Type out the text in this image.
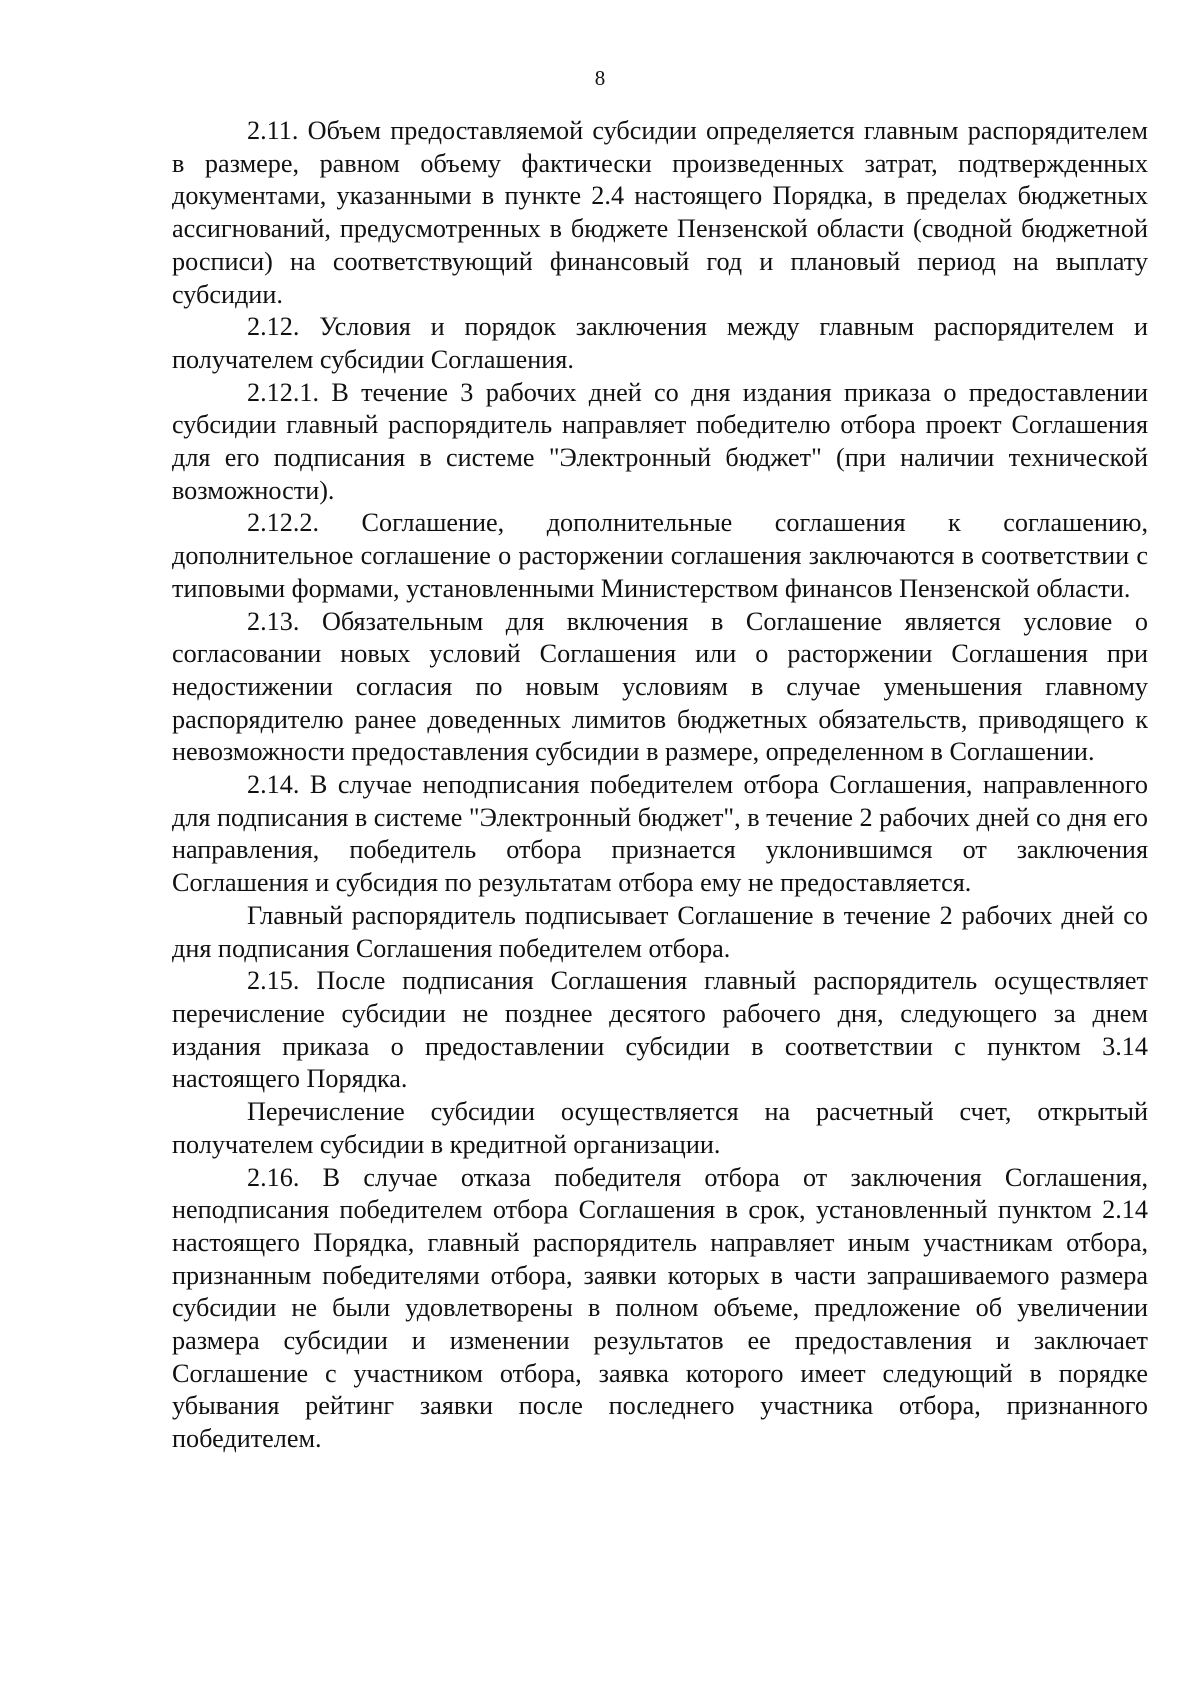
8

2.11. Объем предоставляемой субсидии определяется главным распорядителем в размере, равном объему фактически произведенных затрат, подтвержденных документами, указанными в пункте 2.4 настоящего Порядка, в пределах бюджетных ассигнований, предусмотренных в бюджете Пензенской области (сводной бюджетной росписи) на соответствующий финансовый год и плановый период на выплату субсидии.

2.12. Условия и порядок заключения между главным распорядителем и получателем субсидии Соглашения.

2.12.1. В течение 3 рабочих дней со дня издания приказа о предоставлении субсидии главный распорядитель направляет победителю отбора проект Соглашения для его подписания в системе "Электронный бюджет" (при наличии технической возможности).

2.12.2. Соглашение, дополнительные соглашения к соглашению, дополнительное соглашение о расторжении соглашения заключаются в соответствии с типовыми формами, установленными Министерством финансов Пензенской области.

2.13. Обязательным для включения в Соглашение является условие о согласовании новых условий Соглашения или о расторжении Соглашения при недостижении согласия по новым условиям в случае уменьшения главному распорядителю ранее доведенных лимитов бюджетных обязательств, приводящего к невозможности предоставления субсидии в размере, определенном в Соглашении.

2.14. В случае неподписания победителем отбора Соглашения, направленного для подписания в системе "Электронный бюджет", в течение 2 рабочих дней со дня его направления, победитель отбора признается уклонившимся от заключения Соглашения и субсидия по результатам отбора ему не предоставляется.

Главный распорядитель подписывает Соглашение в течение 2 рабочих дней со дня подписания Соглашения победителем отбора.

2.15. После подписания Соглашения главный распорядитель осуществляет перечисление субсидии не позднее десятого рабочего дня, следующего за днем издания приказа о предоставлении субсидии в соответствии с пунктом 3.14 настоящего Порядка.

Перечисление субсидии осуществляется на расчетный счет, открытый получателем субсидии в кредитной организации.

2.16. В случае отказа победителя отбора от заключения Соглашения, неподписания победителем отбора Соглашения в срок, установленный пунктом 2.14 настоящего Порядка, главный распорядитель направляет иным участникам отбора, признанным победителями отбора, заявки которых в части запрашиваемого размера субсидии не были удовлетворены в полном объеме, предложение об увеличении размера субсидии и изменении результатов ее предоставления и заключает Соглашение с участником отбора, заявка которого имеет следующий в порядке убывания рейтинг заявки после последнего участника отбора, признанного победителем.
